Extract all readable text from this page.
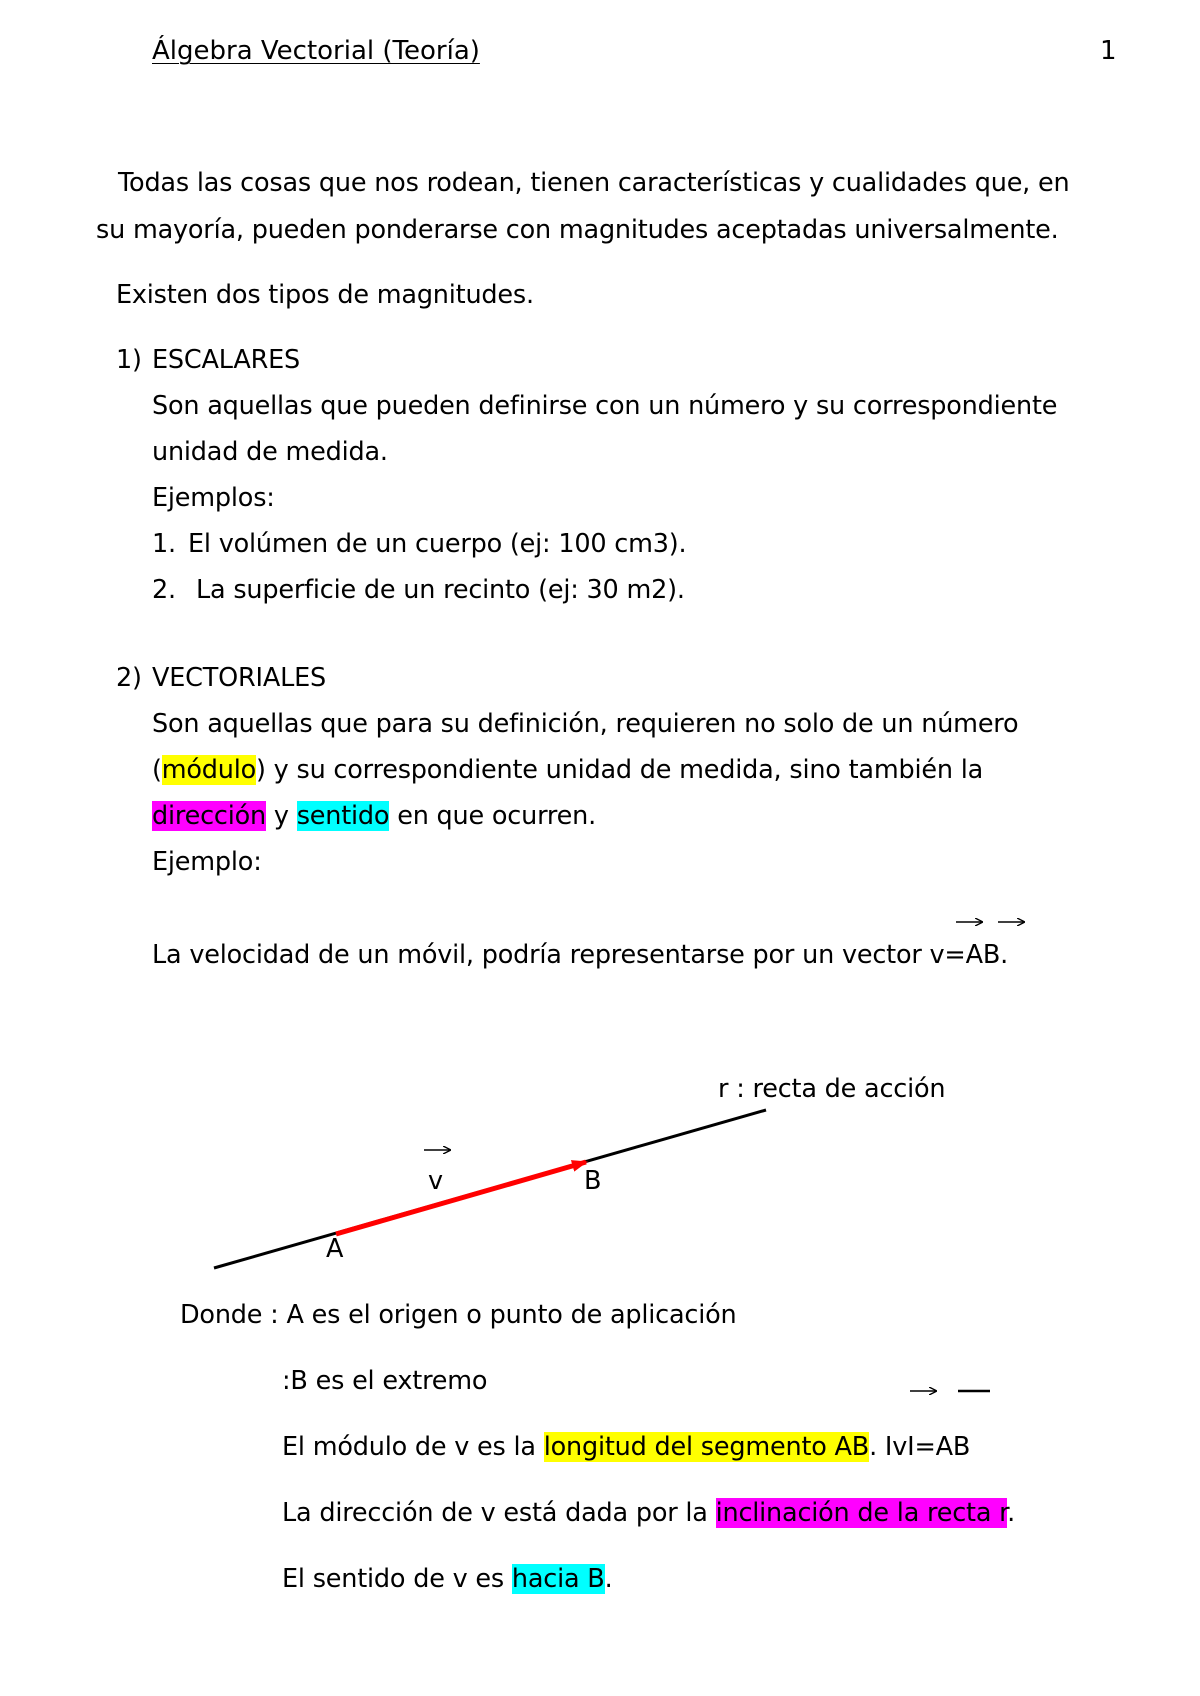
Álgebra Vectorial (Teoría)	1
Todas las cosas que nos rodean, tienen características y cualidades que, en
su mayoría, pueden ponderarse con magnitudes aceptadas universalmente.
Existen dos tipos de magnitudes.
1) ESCALARES
Son aquellas que pueden definirse con un número y su correspondiente
unidad de medida.
Ejemplos:
1. El volúmen de un cuerpo (ej: 100 cm3).
2. La superficie de un recinto (ej: 30 m2).
2) VECTORIALES
Son aquellas que para su definición, requieren no solo de un número
(módulo) y su correspondiente unidad de medida, sino también la
dirección y sentido en que ocurren.
Ejemplo:
La velocidad de un móvil, podría representarse por un vector v=AB.
r : recta de acción
v	B
A
Donde : A es el origen o punto de aplicación
:B es el extremo
El módulo de v es la longitud del segmento AB. IvI=AB
La dirección de v está dada por la inclinación de la recta r.
El sentido de v es hacia B.
